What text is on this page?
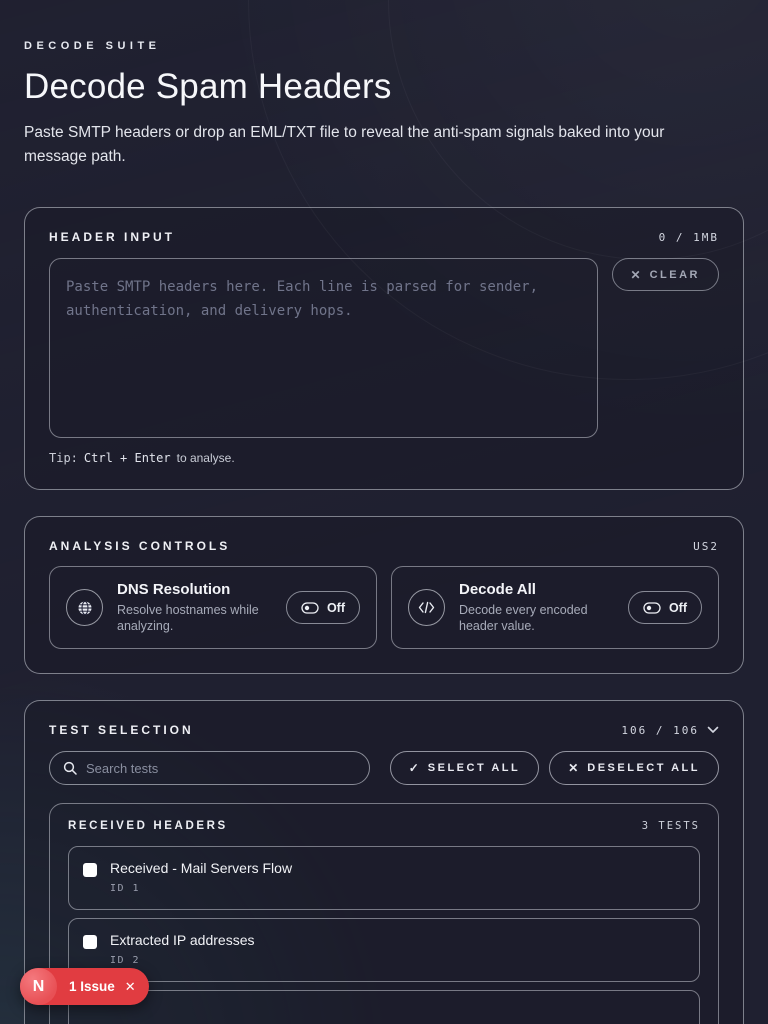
DECODE SUITE
Decode Spam Headers

Paste SMTP headers or drop an EML/TXT file to reveal the anti-spam signals baked into your message path.

HEADER INPUT	0 / 1MB
Paste SMTP headers here. Each line is parsed for sender, authentication, and delivery hops.
✕ CLEAR
Tip: Ctrl + Enter to analyse.
ANALYSIS CONTROLS	US2
DNS Resolution
Resolve hostnames while analyzing.
Off
Decode All
Decode every encoded header value.
Off
TEST SELECTION	106 / 106
Search tests
✓ SELECT ALL	✕ DESELECT ALL
RECEIVED HEADERS	3 TESTS
Received - Mail Servers Flow
ID 1
Extracted IP addresses
ID 2
N	1 Issue ✕
